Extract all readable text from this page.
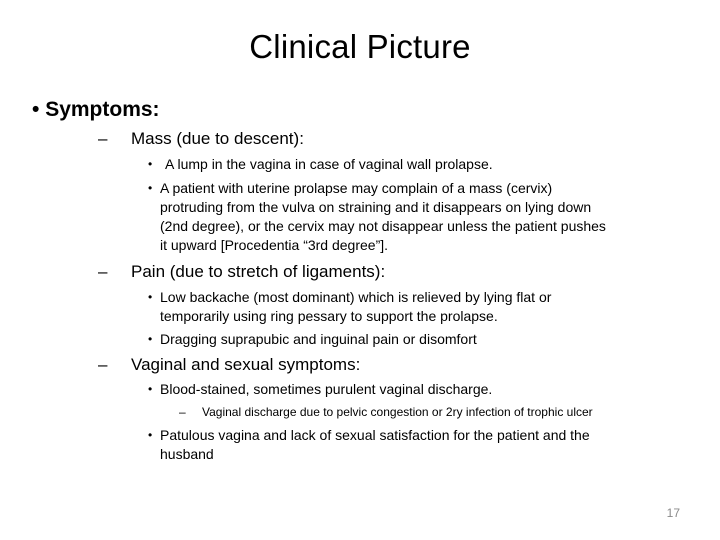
Clinical Picture
• Symptoms:
– Mass (due to descent):
• A lump in the vagina in case of vaginal wall prolapse.
• A patient with uterine prolapse may complain of a mass (cervix)
protruding from the vulva on straining and it disappears on lying down
(2nd degree), or the cervix may not disappear unless the patient pushes
it upward [Procedentia “3rd degree”].
– Pain (due to stretch of ligaments):
• Low backache (most dominant) which is relieved by lying flat or
temporarily using ring pessary to support the prolapse.
• Dragging suprapubic and inguinal pain or disomfort
– Vaginal and sexual symptoms:
• Blood-stained, sometimes purulent vaginal discharge.
– Vaginal discharge due to pelvic congestion or 2ry infection of trophic ulcer
• Patulous vagina and lack of sexual satisfaction for the patient and the
husband
17
